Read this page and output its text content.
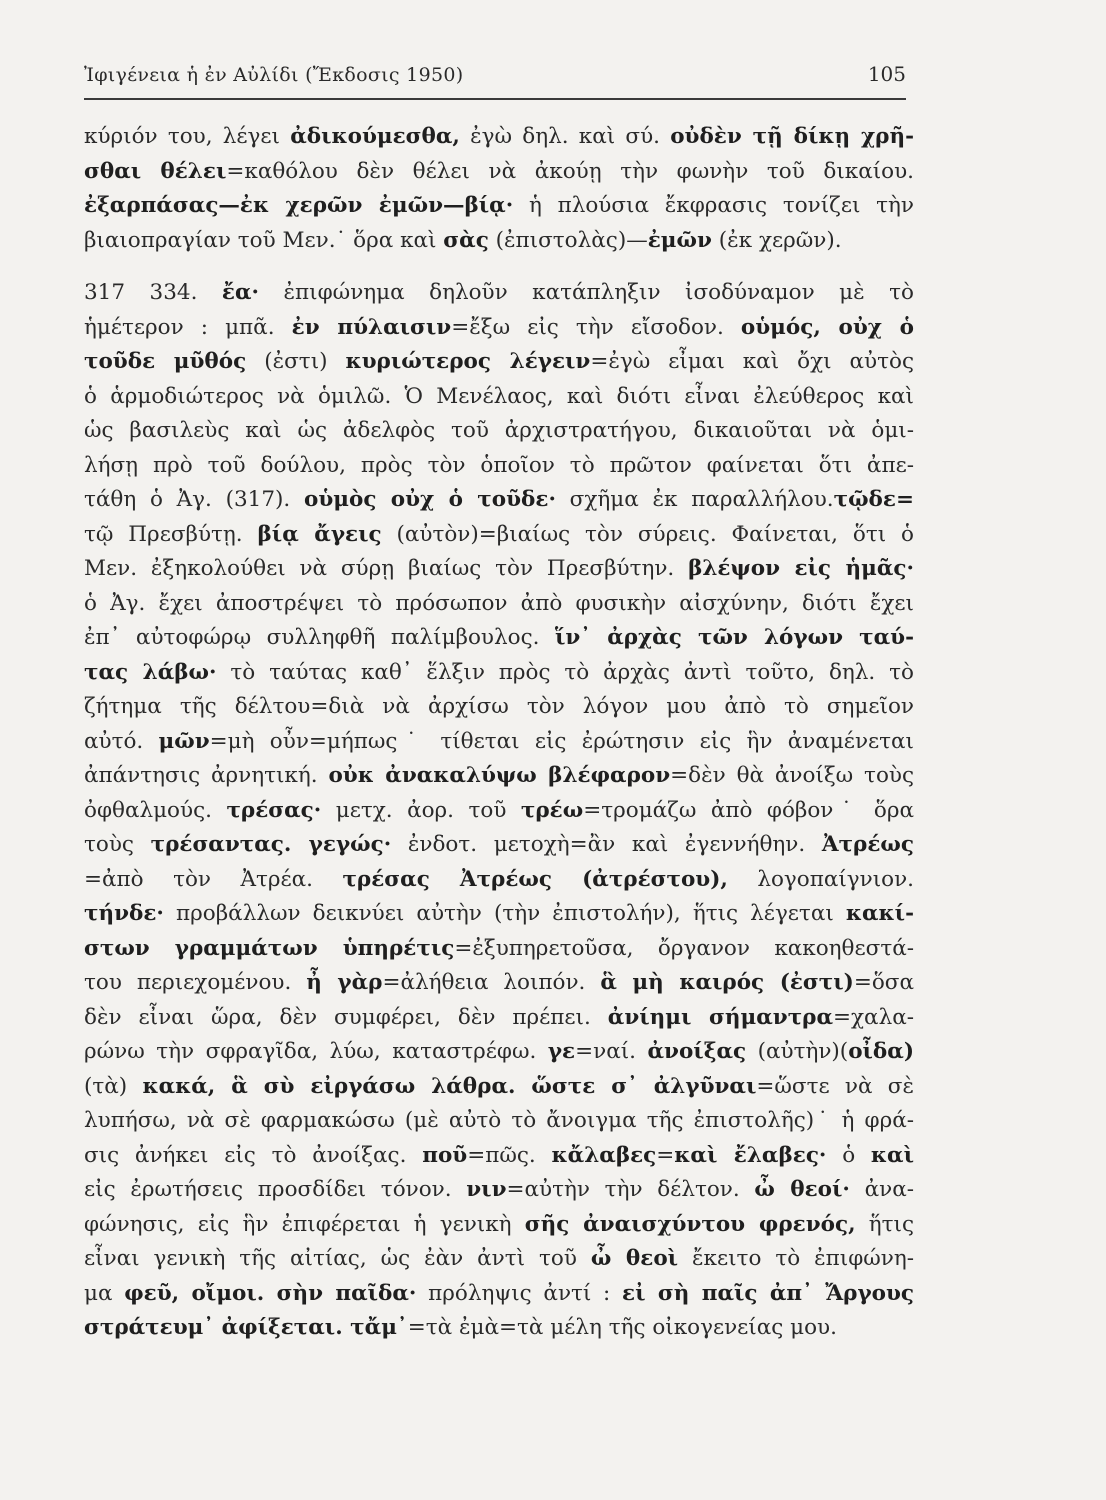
Ἰφιγένεια ἡ ἐν Αὐλίδι (Ἔκδοσις 1950)	105
κύριόν του, λέγει ἀδικούμεσθα, ἐγὼ δηλ. καὶ σύ. οὐδὲν τῇ δίκῃ χρῆ-
σθαι θέλει=καθόλου δὲν θέλει νὰ ἀκούῃ τὴν φωνὴν τοῦ δικαίου.
ἐξαρπάσας—ἐκ χερῶν ἐμῶν—βίᾳ· ἡ πλούσια ἔκφρασις τονίζει τὴν
βιαιοπραγίαν τοῦ Μεν.˙ ὅρα καὶ σὰς (ἐπιστολὰς)—ἐμῶν (ἐκ χερῶν).
317 334. ἔα· ἐπιφώνημα δηλοῦν κατάπληξιν ἰσοδύναμον μὲ τὸ
ἡμέτερον : μπᾶ. ἐν πύλαισιν=ἔξω εἰς τὴν εἴσοδον. οὑμός, οὐχ ὁ
τοῦδε μῦθός (ἐστι) κυριώτερος λέγειν=ἐγὼ εἶμαι καὶ ὄχι αὐτὸς
ὁ ἁρμοδιώτερος νὰ ὁμιλῶ. Ὁ Μενέλαος, καὶ διότι εἶναι ἐλεύθερος καὶ
ὡς βασιλεὺς καὶ ὡς ἀδελφὸς τοῦ ἀρχιστρατήγου, δικαιοῦται νὰ ὁμι-
λήσῃ πρὸ τοῦ δούλου, πρὸς τὸν ὁποῖον τὸ πρῶτον φαίνεται ὅτι ἀπε-
τάθη ὁ Ἀγ. (317). οὑμὸς οὐχ ὁ τοῦδε· σχῆμα ἐκ παραλλήλου.τῷδε=
τῷ Πρεσβύτῃ. βίᾳ ἄγεις (αὐτὸν)=βιαίως τὸν σύρεις. Φαίνεται, ὅτι ὁ
Μεν. ἐξηκολούθει νὰ σύρῃ βιαίως τὸν Πρεσβύτην. βλέψον εἰς ἡμᾶς·
ὁ Ἀγ. ἔχει ἀποστρέψει τὸ πρόσωπον ἀπὸ φυσικὴν αἰσχύνην, διότι ἔχει
ἐπ᾽ αὐτοφώρῳ συλληφθῆ παλίμβουλος. ἵν᾽ ἀρχὰς τῶν λόγων ταύ-
τας λάβω· τὸ ταύτας καθ᾽ ἕλξιν πρὸς τὸ ἀρχὰς ἀντὶ τοῦτο, δηλ. τὸ
ζήτημα τῆς δέλτου=διὰ νὰ ἀρχίσω τὸν λόγον μου ἀπὸ τὸ σημεῖον
αὐτό. μῶν=μὴ οὖν=μήπως˙ τίθεται εἰς ἐρώτησιν εἰς ἣν ἀναμένεται
ἀπάντησις ἀρνητική. οὐκ ἀνακαλύψω βλέφαρον=δὲν θὰ ἀνοίξω τοὺς
ὀφθαλμούς. τρέσας· μετχ. ἀορ. τοῦ τρέω=τρομάζω ἀπὸ φόβον˙ ὅρα
τοὺς τρέσαντας. γεγώς· ἐνδοτ. μετοχὴ=ἂν καὶ ἐγεννήθην. Ἀτρέως
=ἀπὸ τὸν Ἀτρέα. τρέσας Ἀτρέως (ἀτρέστου), λογοπαίγνιον.
τήνδε· προβάλλων δεικνύει αὐτὴν (τὴν ἐπιστολήν), ἥτις λέγεται κακί-
στων γραμμάτων ὑπηρέτις=ἐξυπηρετοῦσα, ὄργανον κακοηθεστά-
του περιεχομένου. ἦ γὰρ=ἀλήθεια λοιπόν. ἃ μὴ καιρός (ἐστι)=ὅσα
δὲν εἶναι ὥρα, δὲν συμφέρει, δὲν πρέπει. ἀνίημι σήμαντρα=χαλα-
ρώνω τὴν σφραγῖδα, λύω, καταστρέφω. γε=ναί. ἀνοίξας (αὐτὴν)(οἶδα)
(τὰ) κακά, ἃ σὺ εἰργάσω λάθρα. ὥστε σ᾽ ἀλγῦναι=ὥστε νὰ σὲ
λυπήσω, νὰ σὲ φαρμακώσω (μὲ αὐτὸ τὸ ἄνοιγμα τῆς ἐπιστολῆς)˙ ἡ φρά-
σις ἀνήκει εἰς τὸ ἀνοίξας. ποῦ=πῶς. κἄλαβες=καὶ ἔλαβες· ὁ καὶ
εἰς ἐρωτήσεις προσδίδει τόνον. νιν=αὐτὴν τὴν δέλτον. ὦ θεοί· ἀνα-
φώνησις, εἰς ἣν ἐπιφέρεται ἡ γενικὴ σῆς ἀναισχύντου φρενός, ἥτις
εἶναι γενικὴ τῆς αἰτίας, ὡς ἐὰν ἀντὶ τοῦ ὦ θεοὶ ἔκειτο τὸ ἐπιφώνη-
μα φεῦ, οἴμοι. σὴν παῖδα· πρόληψις ἀντί : εἰ σὴ παῖς ἀπ᾽ Ἄργους
στράτευμ᾽ ἀφίξεται. τἄμ᾽=τὰ ἐμὰ=τὰ μέλη τῆς οἰκογενείας μου.
